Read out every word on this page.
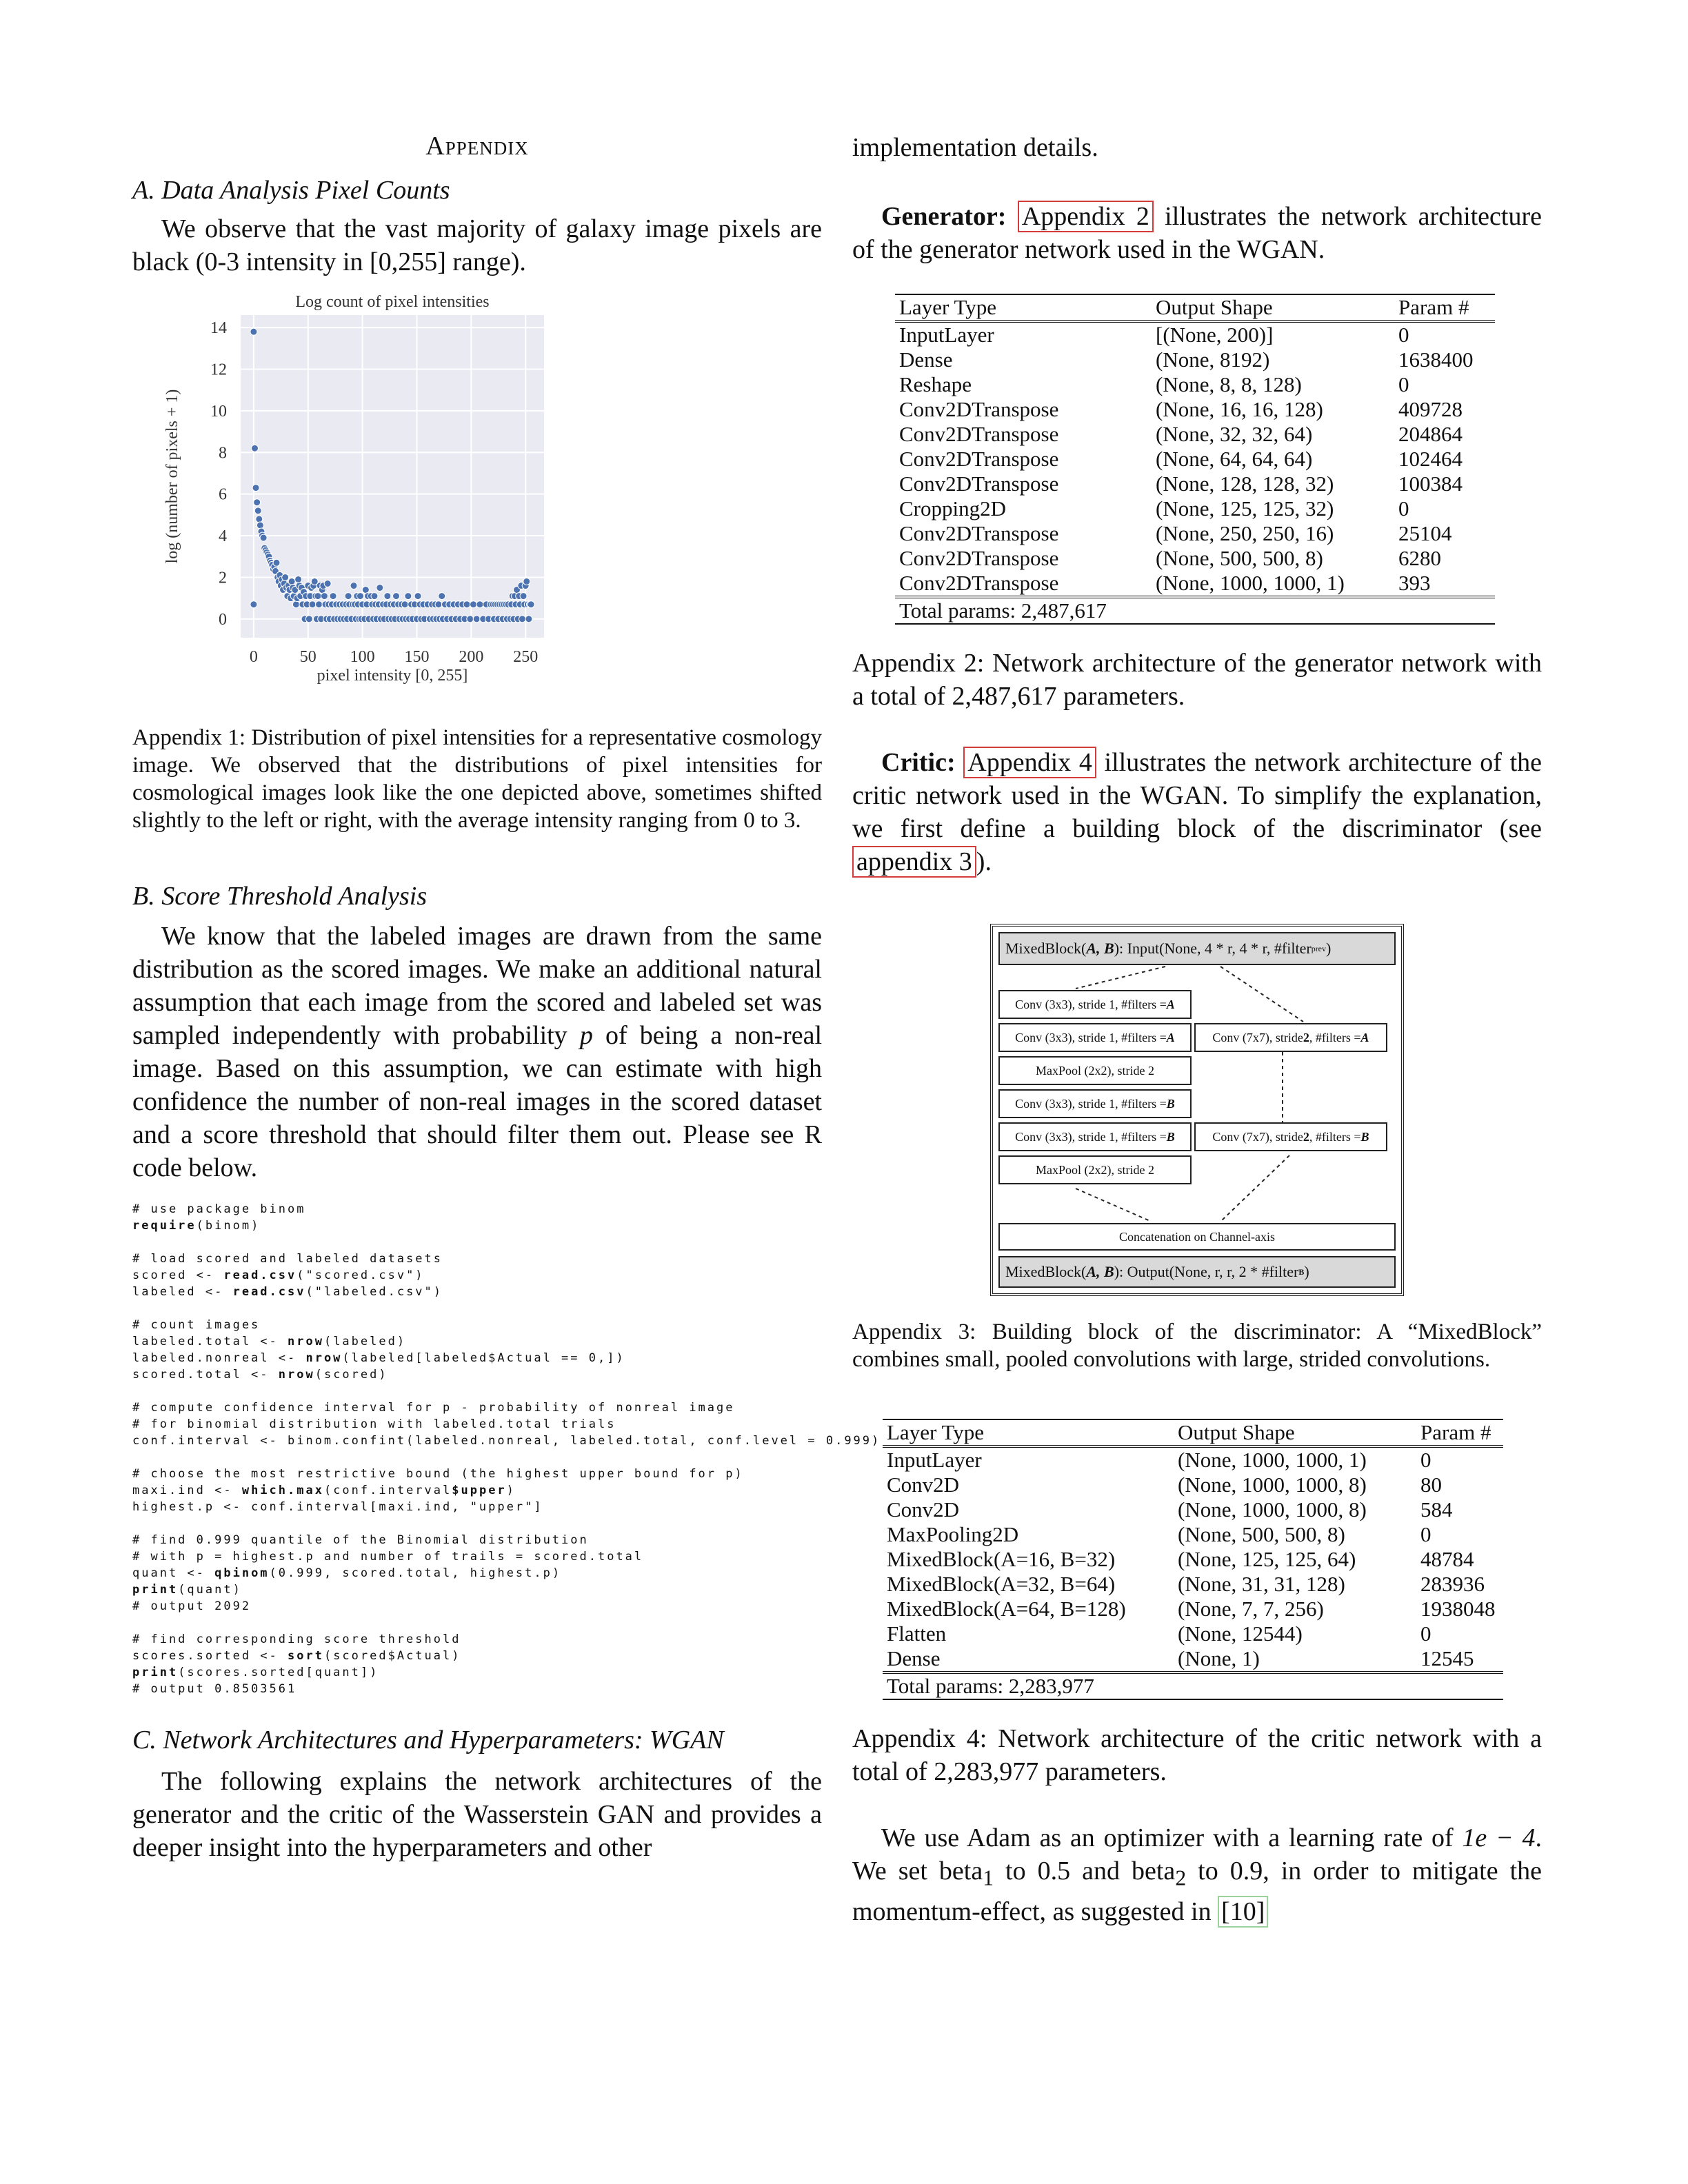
Appendix

A. Data Analysis Pixel Counts

We observe that the vast majority of galaxy image pixels are black (0-3 intensity in [0,255] range).

0	50 100 150 200 250
0
2
4
6
8
10
12
14
Log count of pixel intensities
pixel intensity [0, 255]
log (number of pixels + 1)

Appendix 1: Distribution of pixel intensities for a representative cosmology image. We observed that the distributions of pixel intensities for cosmological images look like the one depicted above, sometimes shifted slightly to the left or right, with the average intensity ranging from 0 to 3.

B. Score Threshold Analysis

We know that the labeled images are drawn from the same distribution as the scored images. We make an additional natural assumption that each image from the scored and labeled set was sampled independently with probability p of being a non-real image. Based on this assumption, we can estimate with high confidence the number of non-real images in the scored dataset and a score threshold that should filter them out. Please see R code below.

# use package binom
require(binom)
# load scored and labeled datasets
scored <- read.csv("scored.csv")
labeled <- read.csv("labeled.csv")
# count images
labeled.total <- nrow(labeled)
labeled.nonreal <- nrow(labeled[labeled$Actual == 0,])
scored.total <- nrow(scored)
# compute confidence interval for p - probability of nonreal image
# for binomial distribution with labeled.total trials
conf.interval <- binom.confint(labeled.nonreal, labeled.total, conf.level = 0.999)
# choose the most restrictive bound (the highest upper bound for p)
maxi.ind <- which.max(conf.interval$upper)
highest.p <- conf.interval[maxi.ind, "upper"]
# find 0.999 quantile of the Binomial distribution
# with p = highest.p and number of trails = scored.total
quant <- qbinom(0.999, scored.total, highest.p)
print(quant)
# output 2092
# find corresponding score threshold
scores.sorted <- sort(scored$Actual)
print(scores.sorted[quant])
# output 0.8503561

C. Network Architectures and Hyperparameters: WGAN

The following explains the network architectures of the generator and the critic of the Wasserstein GAN and provides a deeper insight into the hyperparameters and other

implementation details.

Generator: Appendix 2 illustrates the network architecture of the generator network used in the WGAN.

Layer Type	Output Shape	Param #
InputLayer	[(None, 200)]	0
Dense	(None, 8192)	1638400
Reshape	(None, 8, 8, 128)	0
Conv2DTranspose	(None, 16, 16, 128)	409728
Conv2DTranspose	(None, 32, 32, 64)	204864
Conv2DTranspose	(None, 64, 64, 64)	102464
Conv2DTranspose	(None, 128, 128, 32)	100384
Cropping2D	(None, 125, 125, 32)	0
Conv2DTranspose	(None, 250, 250, 16)	25104
Conv2DTranspose	(None, 500, 500, 8)	6280
Conv2DTranspose	(None, 1000, 1000, 1)	393
Total params: 2,487,617		

Appendix 2: Network architecture of the generator network with a total of 2,487,617 parameters.

Critic: Appendix 4 illustrates the network architecture of the critic network used in the WGAN. To simplify the explanation, we first define a building block of the discriminator (see appendix 3 ).

MixedBlock( A, B ): Input(None, 4 * r, 4 * r, #filter prev )
Conv (3x3), stride 1, #filters = A
Conv (3x3), stride 1, #filters = A	Conv (7x7), stride 2 , #filters = A
MaxPool (2x2), stride 2
Conv (3x3), stride 1, #filters = B
Conv (3x3), stride 1, #filters = B	Conv (7x7), stride 2 , #filters = B
MaxPool (2x2), stride 2
Concatenation on Channel-axis
MixedBlock( A, B ): Output(None, r, r, 2 * #filter B )

Appendix 3: Building block of the discriminator: A “MixedBlock” combines small, pooled convolutions with large, strided convolutions.

Layer Type	Output Shape	Param #
InputLayer	(None, 1000, 1000, 1)	0
Conv2D	(None, 1000, 1000, 8)	80
Conv2D	(None, 1000, 1000, 8)	584
MaxPooling2D	(None, 500, 500, 8)	0
MixedBlock(A=16, B=32)	(None, 125, 125, 64)	48784
MixedBlock(A=32, B=64)	(None, 31, 31, 128)	283936
MixedBlock(A=64, B=128)	(None, 7, 7, 256)	1938048
Flatten	(None, 12544)	0
Dense	(None, 1)	12545
Total params: 2,283,977		

Appendix 4: Network architecture of the critic network with a total of 2,283,977 parameters.

We use Adam as an optimizer with a learning rate of 1e − 4. We set beta$_1$ to 0.5 and beta$_2$ to 0.9, in order to mitigate the momentum-effect, as suggested in [10]
